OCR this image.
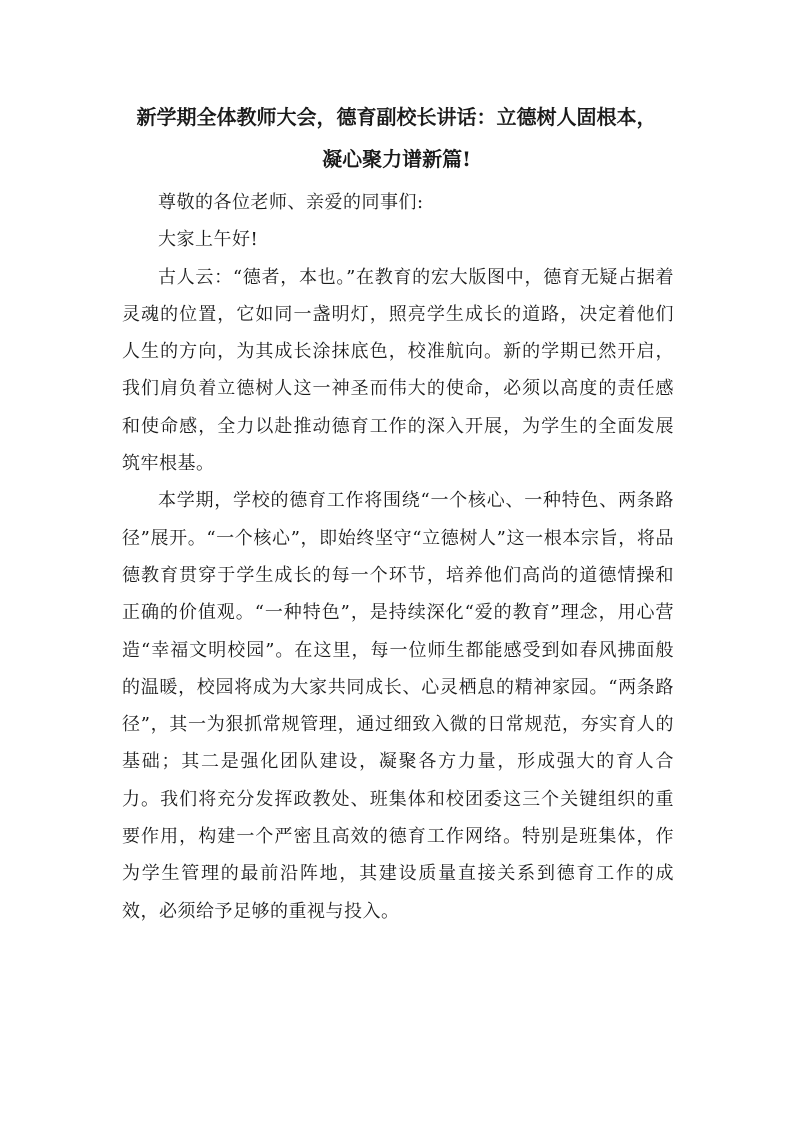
新学期全体教师大会，德育副校长讲话：立德树人固根本，
凝心聚力谱新篇!

尊敬的各位老师、亲爱的同事们:

大家上午好!

古人云：“德者，本也。”在教育的宏大版图中，德育无疑占据着灵魂的位置，它如同一盏明灯，照亮学生成长的道路，决定着他们人生的方向，为其成长涂抹底色，校准航向。新的学期已然开启，我们肩负着立德树人这一神圣而伟大的使命，必须以高度的责任感和使命感，全力以赴推动德育工作的深入开展，为学生的全面发展筑牢根基。

本学期，学校的德育工作将围绕“一个核心、一种特色、两条路径”展开。“一个核心”，即始终坚守“立德树人”这一根本宗旨，将品德教育贯穿于学生成长的每一个环节，培养他们高尚的道德情操和正确的价值观。“一种特色”，是持续深化“爱的教育”理念，用心营造“幸福文明校园”。在这里，每一位师生都能感受到如春风拂面般的温暖，校园将成为大家共同成长、心灵栖息的精神家园。“两条路径”，其一为狠抓常规管理，通过细致入微的日常规范，夯实育人的基础；其二是强化团队建设，凝聚各方力量，形成强大的育人合力。我们将充分发挥政教处、班集体和校团委这三个关键组织的重要作用，构建一个严密且高效的德育工作网络。特别是班集体，作为学生管理的最前沿阵地，其建设质量直接关系到德育工作的成效，必须给予足够的重视与投入。
